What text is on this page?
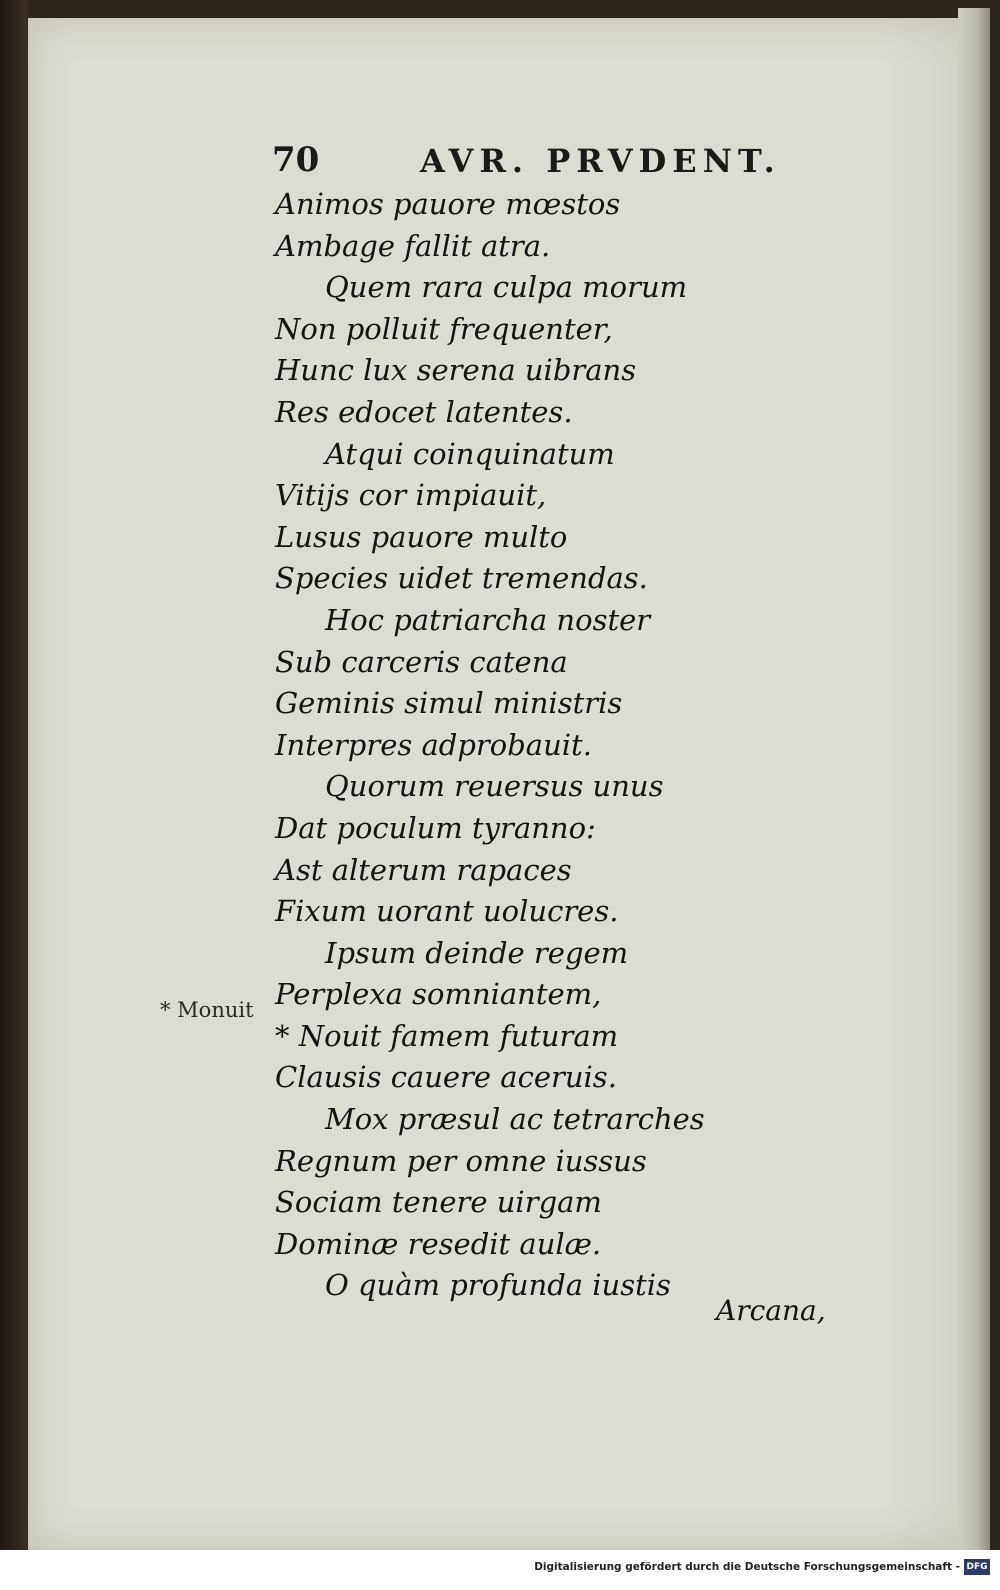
70	AVR. PRVDENT.
Animos pauore mœstos
Ambage fallit atra.
Quem rara culpa morum
Non polluit frequenter,
Hunc lux serena uibrans
Res edocet latentes.
Atqui coinquinatum
Vitijs cor impiauit,
Lusus pauore multo
Species uidet tremendas.
Hoc patriarcha noster
Sub carceris catena
Geminis simul ministris
Interpres adprobauit.
Quorum reuersus unus
Dat poculum tyranno:
Ast alterum rapaces
Fixum uorant uolucres.
Ipsum deinde regem
Perplexa somniantem,
* Nouit famem futuram
Clausis cauere aceruis.
Mox præsul ac tetrarches
Regnum per omne iussus
Sociam tenere uirgam
Dominæ resedit aulæ.
O quàm profunda iustis
* Monuit
Arcana,
Digitalisierung gefördert durch die Deutsche Forschungsgemeinschaft - DFG
